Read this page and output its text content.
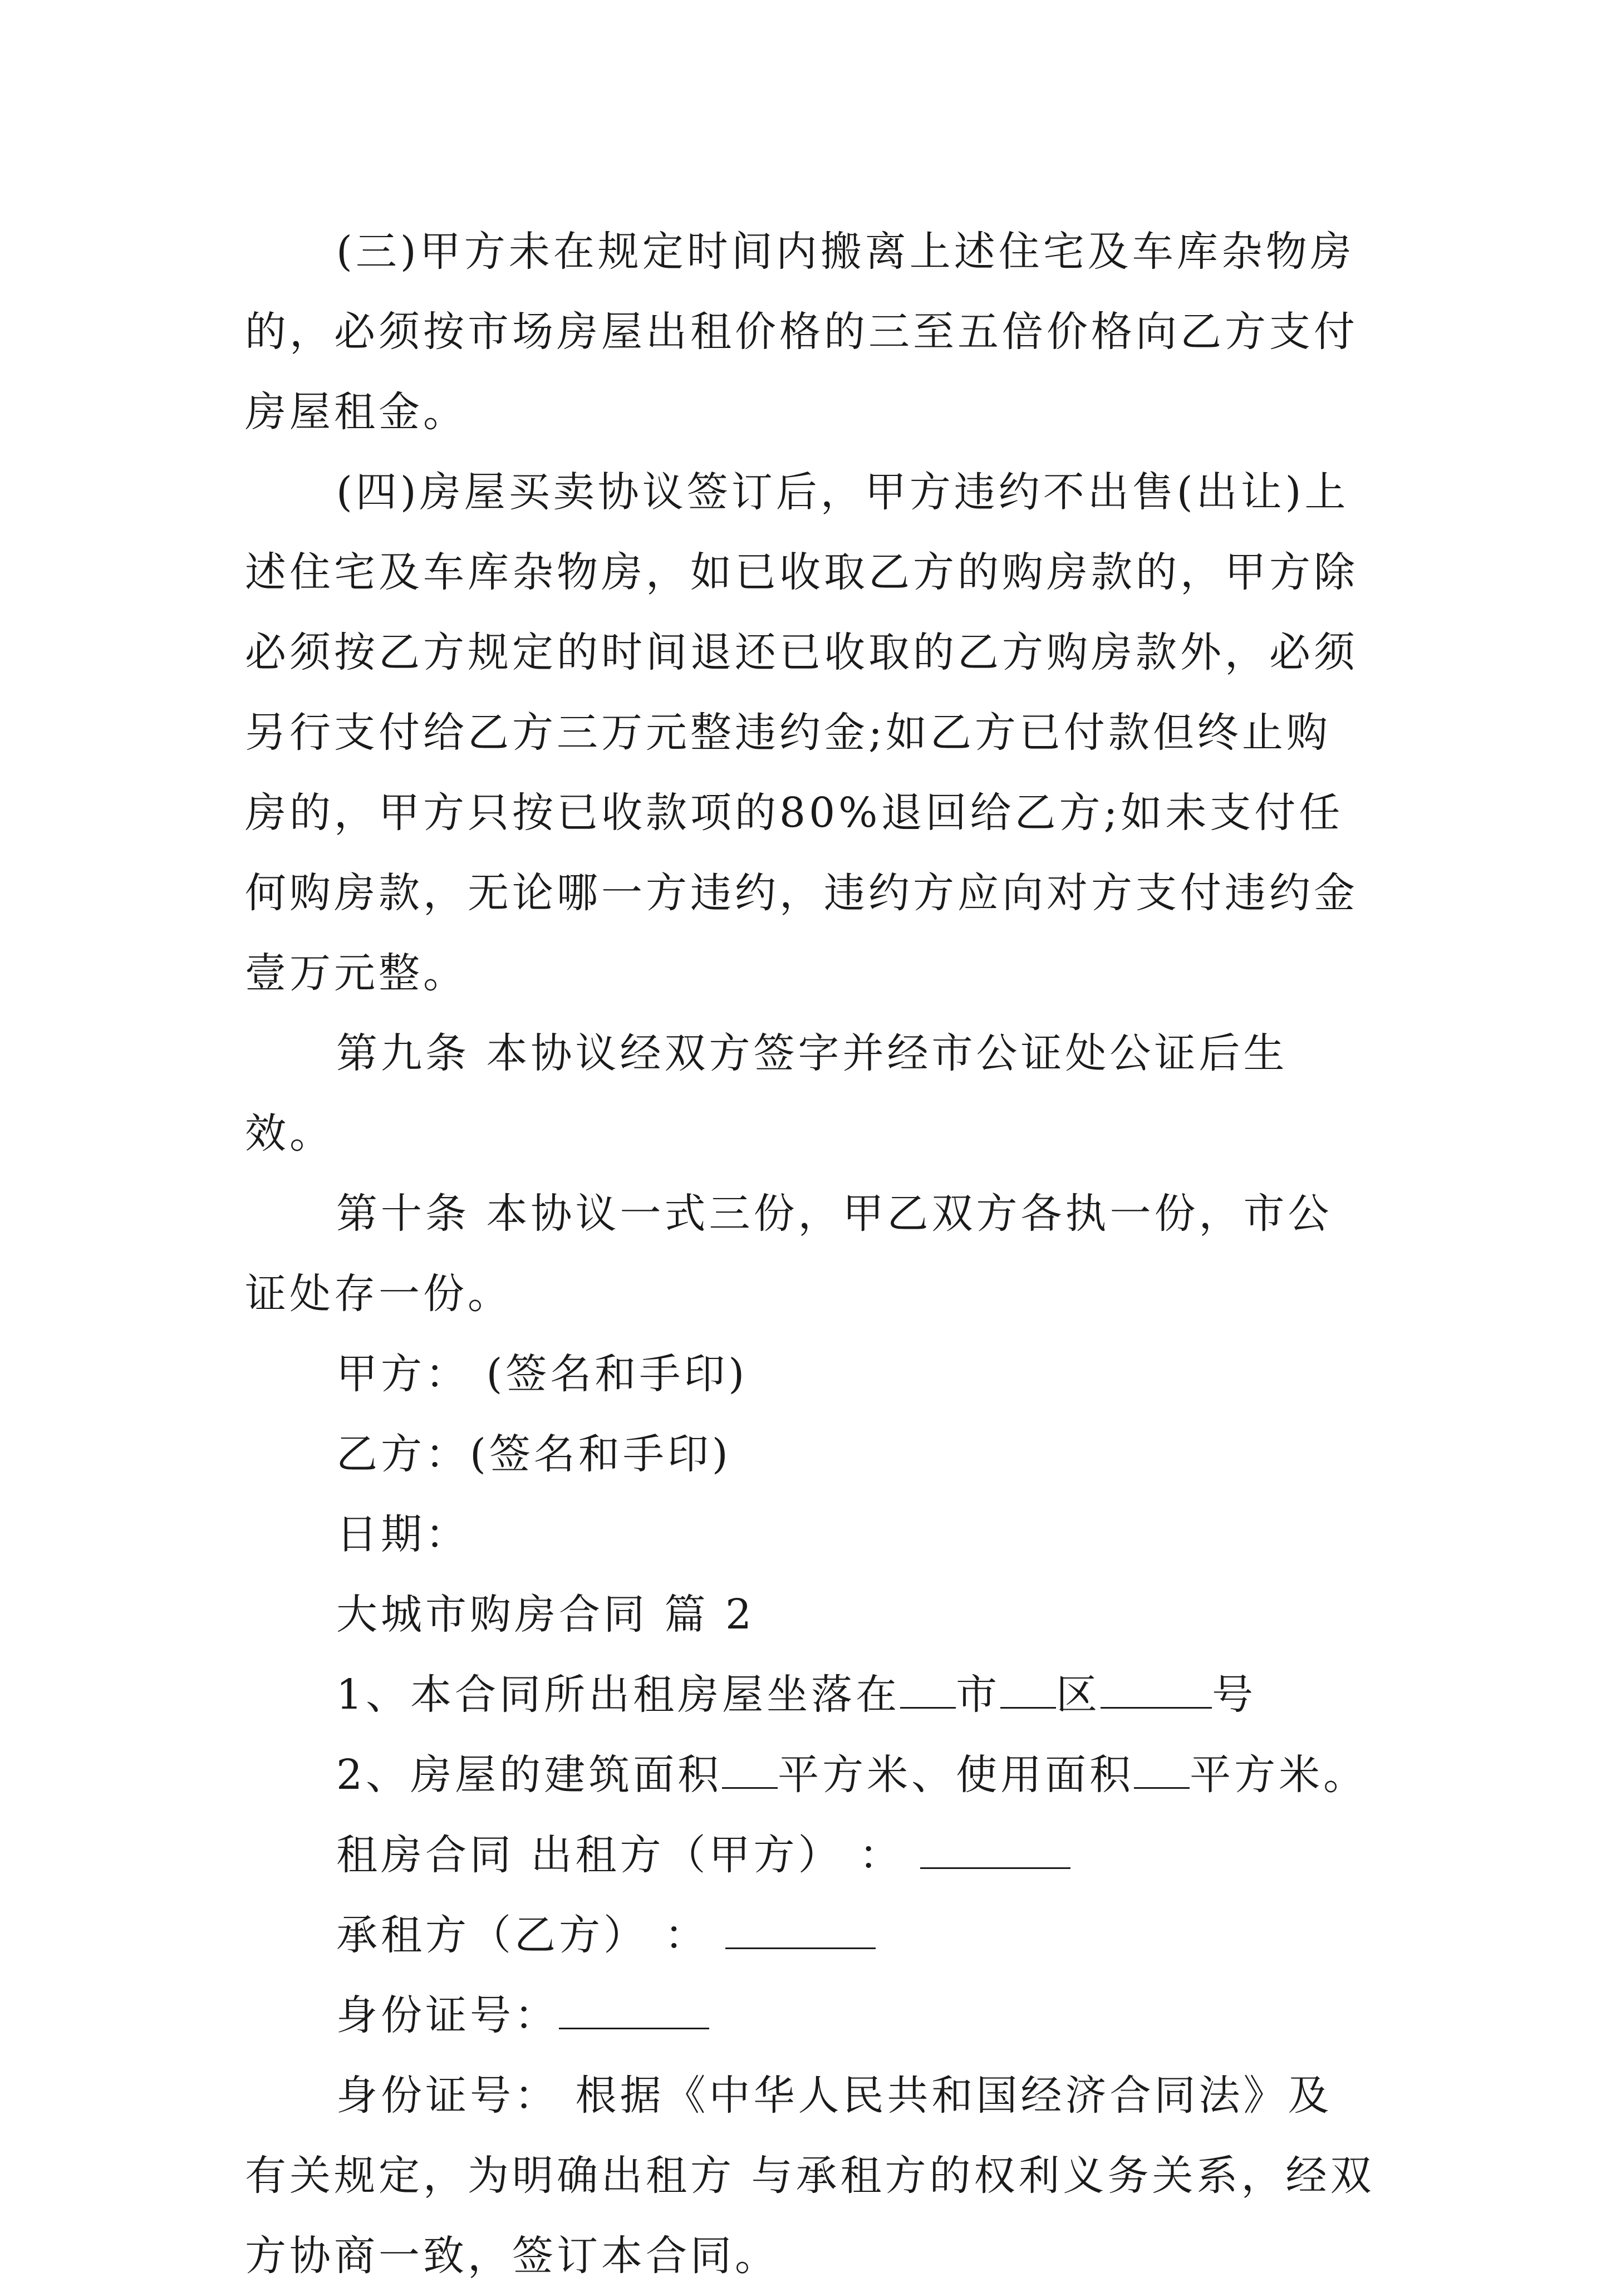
(三)甲方未在规定时间内搬离上述住宅及车库杂物房的，必须按市场房屋出租价格的三至五倍价格向乙方支付房屋租金。

(四)房屋买卖协议签订后，甲方违约不出售(出让)上述住宅及车库杂物房，如已收取乙方的购房款的，甲方除必须按乙方规定的时间退还已收取的乙方购房款外，必须另行支付给乙方三万元整违约金;如乙方已付款但终止购房的，甲方只按已收款项的80%退回给乙方;如未支付任何购房款，无论哪一方违约，违约方应向对方支付违约金壹万元整。

第九条 本协议经双方签字并经市公证处公证后生效。

第十条 本协议一式三份，甲乙双方各执一份，市公证处存一份。

甲方： (签名和手印)

乙方：(签名和手印)

日期：

大城市购房合同 篇 2

1、本合同所出租房屋坐落在 市 区	号

2、房屋的建筑面积 平方米、使用面积 平方米。

租房合同 出租方（甲方） ：

承租方（乙方） ：

身份证号：

身份证号： 根据《中华人民共和国经济合同法》及有关规定，为明确出租方 与承租方的权利义务关系，经双方协商一致，签订本合同。
